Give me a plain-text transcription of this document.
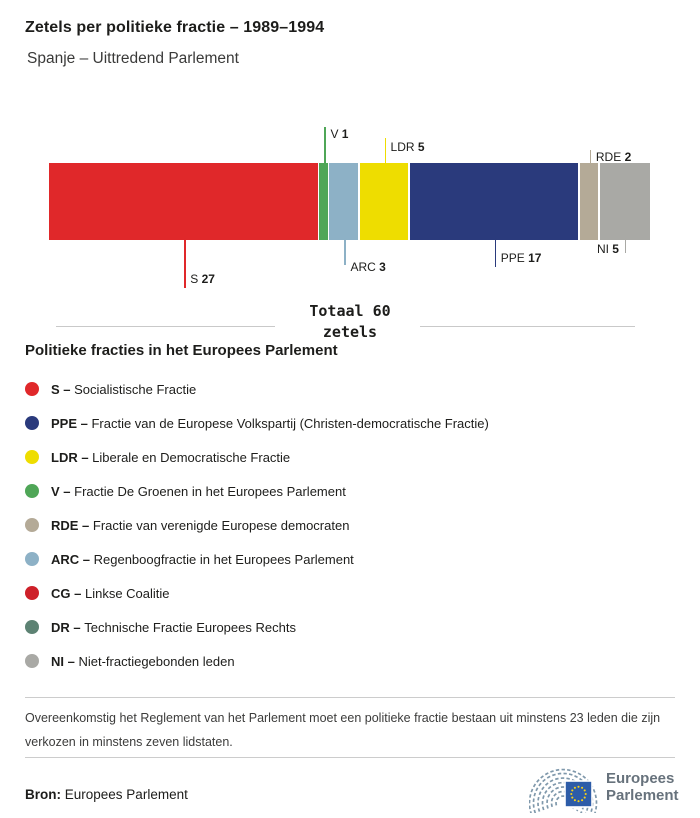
Zetels per politieke fractie – 1989–1994
Spanje – Uittredend Parlement
S 27
V 1
ARC 3
LDR 5
PPE 17
RDE 2
NI 5
Totaal 60
zetels
Politieke fracties in het Europees Parlement
S – Socialistische Fractie
PPE – Fractie van de Europese Volkspartij (Christen-democratische Fractie)
LDR – Liberale en Democratische Fractie
V – Fractie De Groenen in het Europees Parlement
RDE – Fractie van verenigde Europese democraten
ARC – Regenboogfractie in het Europees Parlement
CG – Linkse Coalitie
DR – Technische Fractie Europees Rechts
NI – Niet-fractiegebonden leden
Overeenkomstig het Reglement van het Parlement moet een politieke fractie bestaan uit minstens 23 leden die zijn verkozen in minstens zeven lidstaten.
Bron: Europees Parlement
Europees
Parlement
